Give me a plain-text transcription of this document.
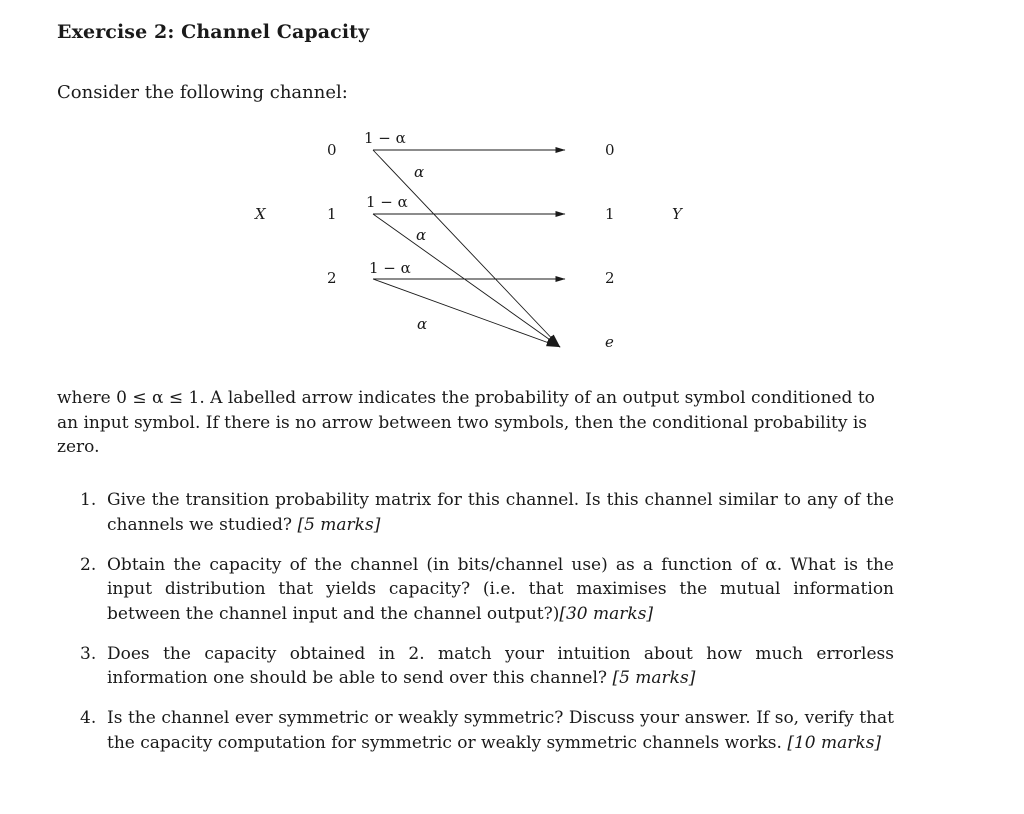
Exercise 2: Channel Capacity
Consider the following channel:
X	Y
0
1
2
0
1
2
e
1 − α
1 − α
1 − α
α
α
α
where 0 ≤ α ≤ 1. A labelled arrow indicates the probability of an output symbol conditioned to an input symbol. If there is no arrow between two symbols, then the conditional probability is zero.
1. Give the transition probability matrix for this channel. Is this channel similar to any of the channels we studied? [5 marks]
2. Obtain the capacity of the channel (in bits/channel use) as a function of α. What is the input distribution that yields capacity? (i.e. that maximises the mutual information between the channel input and the channel output?)[30 marks]
3. Does the capacity obtained in 2. match your intuition about how much errorless information one should be able to send over this channel? [5 marks]
4. Is the channel ever symmetric or weakly symmetric? Discuss your answer. If so, verify that the capacity computation for symmetric or weakly symmetric channels works. [10 marks]
